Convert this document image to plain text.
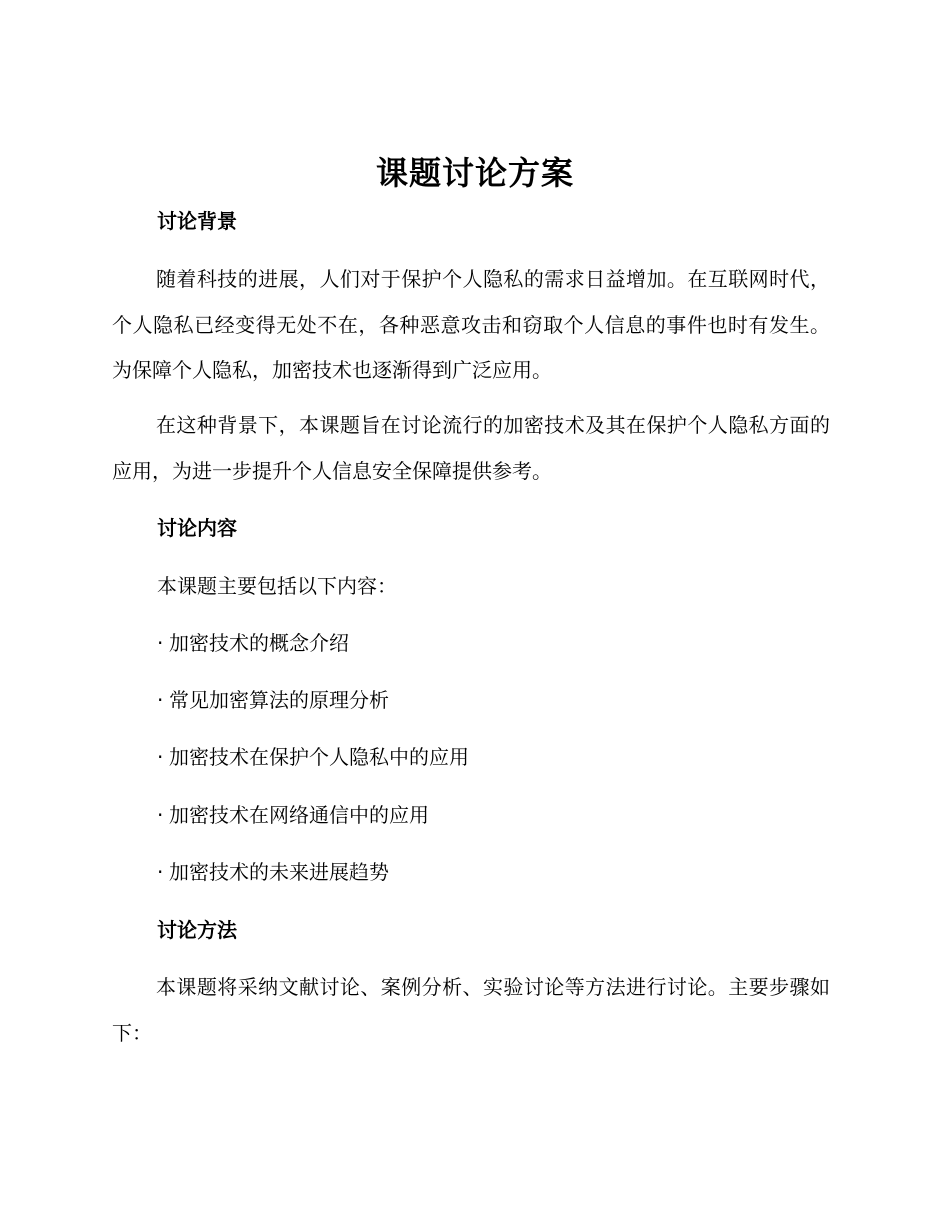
课题讨论方案
讨论背景
随着科技的进展，人们对于保护个人隐私的需求日益增加。在互联网时代，个人隐私已经变得无处不在，各种恶意攻击和窃取个人信息的事件也时有发生。为保障个人隐私，加密技术也逐渐得到广泛应用。
在这种背景下，本课题旨在讨论流行的加密技术及其在保护个人隐私方面的应用，为进一步提升个人信息安全保障提供参考。
讨论内容
本课题主要包括以下内容：
· 加密技术的概念介绍
· 常见加密算法的原理分析
· 加密技术在保护个人隐私中的应用
· 加密技术在网络通信中的应用
· 加密技术的未来进展趋势
讨论方法
本课题将采纳文献讨论、案例分析、实验讨论等方法进行讨论。主要步骤如下：
